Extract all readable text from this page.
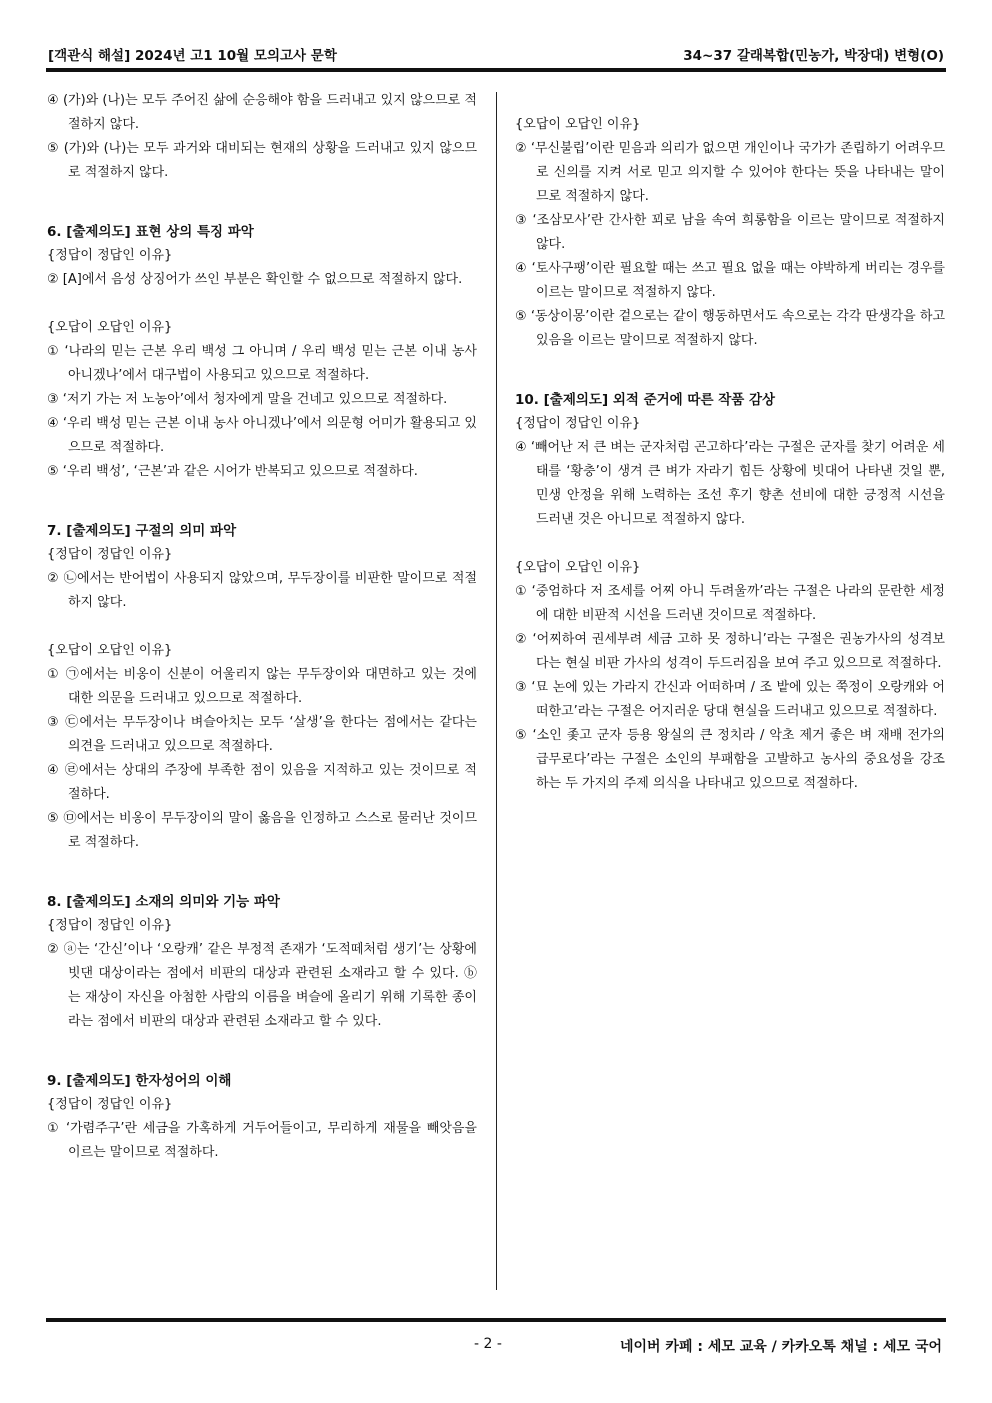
[객관식 해설] 2024년 고1 10월 모의고사 문학	34~37 갈래복합(민농가, 박장대) 변형(O)
④ (가)와 (나)는 모두 주어진 삶에 순응해야 함을 드러내고 있지 않으므로 적절하지 않다.
⑤ (가)와 (나)는 모두 과거와 대비되는 현재의 상황을 드러내고 있지 않으므로 적절하지 않다.
6. [출제의도] 표현 상의 특징 파악
{정답이 정답인 이유}
② [A]에서 음성 상징어가 쓰인 부분은 확인할 수 없으므로 적절하지 않다.
{오답이 오답인 이유}
① ‘나라의 믿는 근본 우리 백성 그 아니며 / 우리 백성 믿는 근본 이내 농사 아니겠나’에서 대구법이 사용되고 있으므로 적절하다.
③ ‘저기 가는 저 노농아’에서 청자에게 말을 건네고 있으므로 적절하다.
④ ‘우리 백성 믿는 근본 이내 농사 아니겠나’에서 의문형 어미가 활용되고 있으므로 적절하다.
⑤ ‘우리 백성’, ‘근본’과 같은 시어가 반복되고 있으므로 적절하다.
7. [출제의도] 구절의 의미 파악
{정답이 정답인 이유}
② ㉡에서는 반어법이 사용되지 않았으며, 무두장이를 비판한 말이므로 적절하지 않다.
{오답이 오답인 이유}
① ㉠에서는 비옹이 신분이 어울리지 않는 무두장이와 대면하고 있는 것에 대한 의문을 드러내고 있으므로 적절하다.
③ ㉢에서는 무두장이나 벼슬아치는 모두 ‘살생’을 한다는 점에서는 같다는 의견을 드러내고 있으므로 적절하다.
④ ㉣에서는 상대의 주장에 부족한 점이 있음을 지적하고 있는 것이므로 적절하다.
⑤ ㉤에서는 비옹이 무두장이의 말이 옳음을 인정하고 스스로 물러난 것이므로 적절하다.
8. [출제의도] 소재의 의미와 기능 파악
{정답이 정답인 이유}
② ⓐ는 ‘간신’이나 ‘오랑캐’ 같은 부정적 존재가 ‘도적떼처럼 생기’는 상황에 빗댄 대상이라는 점에서 비판의 대상과 관련된 소재라고 할 수 있다. ⓑ는 재상이 자신을 아첨한 사람의 이름을 벼슬에 올리기 위해 기록한 종이라는 점에서 비판의 대상과 관련된 소재라고 할 수 있다.
9. [출제의도] 한자성어의 이해
{정답이 정답인 이유}
① ‘가렴주구’란 세금을 가혹하게 거두어들이고, 무리하게 재물을 빼앗음을 이르는 말이므로 적절하다.
{오답이 오답인 이유}
② ‘무신불립’이란 믿음과 의리가 없으면 개인이나 국가가 존립하기 어려우므로 신의를 지켜 서로 믿고 의지할 수 있어야 한다는 뜻을 나타내는 말이므로 적절하지 않다.
③ ‘조삼모사’란 간사한 꾀로 남을 속여 희롱함을 이르는 말이므로 적절하지 않다.
④ ‘토사구팽’이란 필요할 때는 쓰고 필요 없을 때는 야박하게 버리는 경우를 이르는 말이므로 적절하지 않다.
⑤ ‘동상이몽’이란 겉으로는 같이 행동하면서도 속으로는 각각 딴생각을 하고 있음을 이르는 말이므로 적절하지 않다.
10. [출제의도] 외적 준거에 따른 작품 감상
{정답이 정답인 이유}
④ ‘빼어난 저 큰 벼는 군자처럼 곤고하다’라는 구절은 군자를 찾기 어려운 세태를 ‘황충’이 생겨 큰 벼가 자라기 힘든 상황에 빗대어 나타낸 것일 뿐, 민생 안정을 위해 노력하는 조선 후기 향촌 선비에 대한 긍정적 시선을 드러낸 것은 아니므로 적절하지 않다.
{오답이 오답인 이유}
① ‘중엄하다 저 조세를 어찌 아니 두려울까’라는 구절은 나라의 문란한 세정에 대한 비판적 시선을 드러낸 것이므로 적절하다.
② ‘어찌하여 권세부려 세금 고하 못 정하니’라는 구절은 권농가사의 성격보다는 현실 비판 가사의 성격이 두드러짐을 보여 주고 있으므로 적절하다.
③ ‘묘 논에 있는 가라지 간신과 어떠하며 / 조 밭에 있는 쭉정이 오랑캐와 어떠한고’라는 구절은 어지러운 당대 현실을 드러내고 있으므로 적절하다.
⑤ ‘소인 좇고 군자 등용 왕실의 큰 정치라 / 악초 제거 좋은 벼 재배 전가의 급무로다’라는 구절은 소인의 부패함을 고발하고 농사의 중요성을 강조하는 두 가지의 주제 의식을 나타내고 있으므로 적절하다.
- 2 -	네이버 카페 : 세모 교육 / 카카오톡 채널 : 세모 국어
